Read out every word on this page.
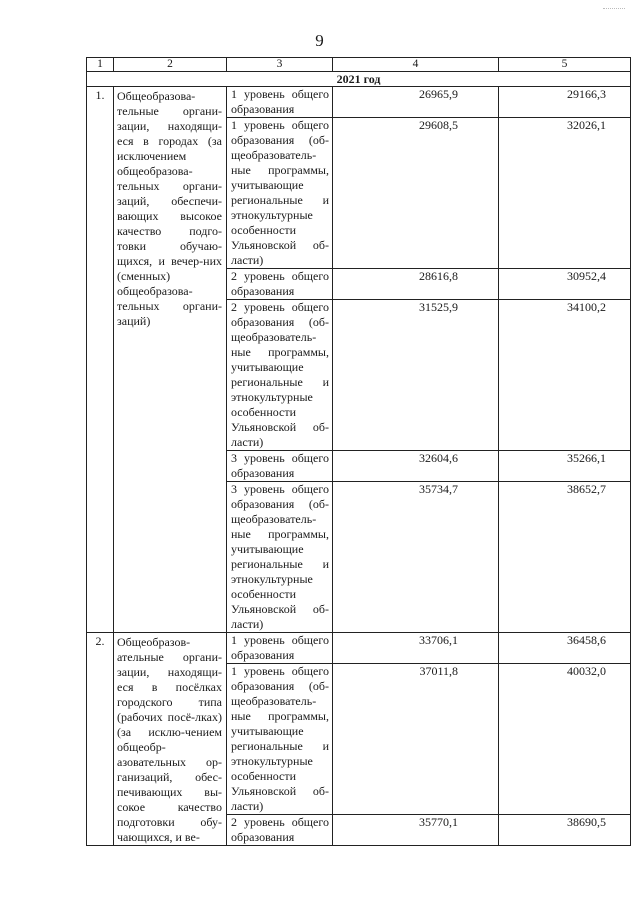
9
1	2	3	4	5
2021 год				
1.	Общеобразова-тельные органи-зации, находящи-еся в городах (за исключением общеобразова-тельных органи-заций, обеспечи-вающих высокое качество подго-товки обучаю-щихся, и вечер-них (сменных) общеобразова-тельных органи-заций)	1 уровень общего образования	26965,9	29166,3
		1 уровень общего образования (об-щеобразователь-ные программы, учитывающие региональные и этнокультурные особенности Ульяновской об-ласти)	29608,5	32026,1
		2 уровень общего образования	28616,8	30952,4
		2 уровень общего образования (об-щеобразователь-ные программы, учитывающие региональные и этнокультурные особенности Ульяновской об-ласти)	31525,9	34100,2
		3 уровень общего образования	32604,6	35266,1
		3 уровень общего образования (об-щеобразователь-ные программы, учитывающие региональные и этнокультурные особенности Ульяновской об-ласти)	35734,7	38652,7
2.	Общеобразов-ательные органи-зации, находящи-еся в посёлках городского типа (рабочих посё-лках) (за исклю-чением общеобр-азовательных ор-ганизаций, обес-печивающих вы-сокое качество подготовки обу-чающихся, и ве-	1 уровень общего образования	33706,1	36458,6
		1 уровень общего образования (об-щеобразователь-ные программы, учитывающие региональные и этнокультурные особенности Ульяновской об-ласти)	37011,8	40032,0
		2 уровень общего образования	35770,1	38690,5
